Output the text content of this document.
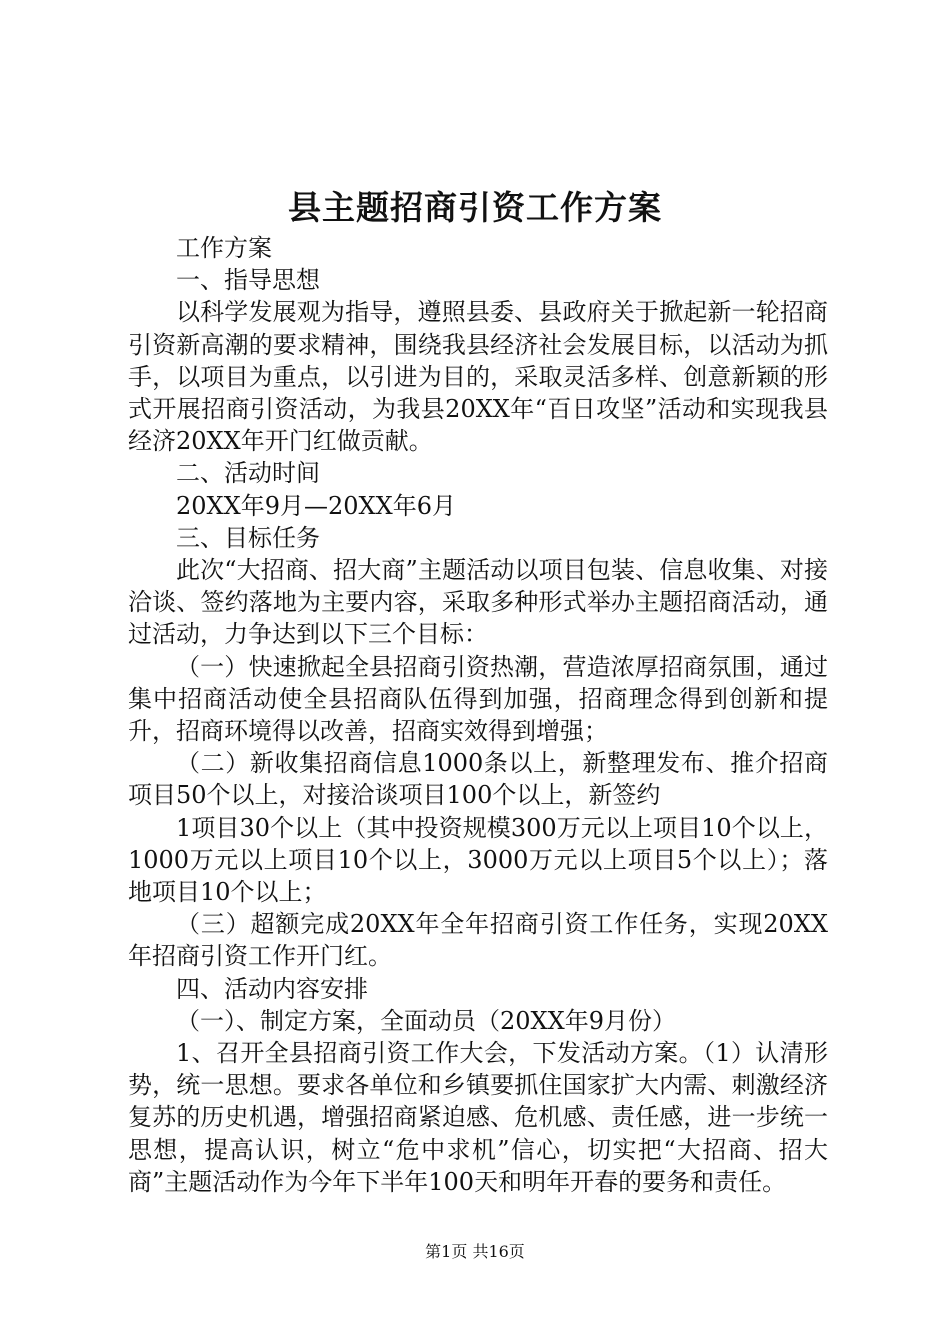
县主题招商引资工作方案

工作方案

一、指导思想

以科学发展观为指导，遵照县委、县政府关于掀起新一轮招商引资新高潮的要求精神，围绕我县经济社会发展目标，以活动为抓手，以项目为重点，以引进为目的，采取灵活多样、创意新颖的形式开展招商引资活动，为我县20XX年“百日攻坚”活动和实现我县经济20XX年开门红做贡献。

二、活动时间

20XX年9月—20XX年6月

三、目标任务

此次“大招商、招大商”主题活动以项目包装、信息收集、对接洽谈、签约落地为主要内容，采取多种形式举办主题招商活动，通过活动，力争达到以下三个目标：

（一）快速掀起全县招商引资热潮，营造浓厚招商氛围，通过集中招商活动使全县招商队伍得到加强，招商理念得到创新和提升，招商环境得以改善，招商实效得到增强；

（二）新收集招商信息1000条以上，新整理发布、推介招商项目50个以上，对接洽谈项目100个以上，新签约

1项目30个以上（其中投资规模300万元以上项目10个以上，1000万元以上项目10个以上，3000万元以上项目5个以上）；落地项目10个以上；

（三）超额完成20XX年全年招商引资工作任务，实现20XX年招商引资工作开门红。

四、活动内容安排

（一）、制定方案，全面动员（20XX年9月份）

1、召开全县招商引资工作大会，下发活动方案。（1）认清形势，统一思想。要求各单位和乡镇要抓住国家扩大内需、刺激经济复苏的历史机遇，增强招商紧迫感、危机感、责任感，进一步统一思想，提高认识，树立“危中求机”信心，切实把“大招商、招大商”主题活动作为今年下半年100天和明年开春的要务和责任。

第1页 共16页
